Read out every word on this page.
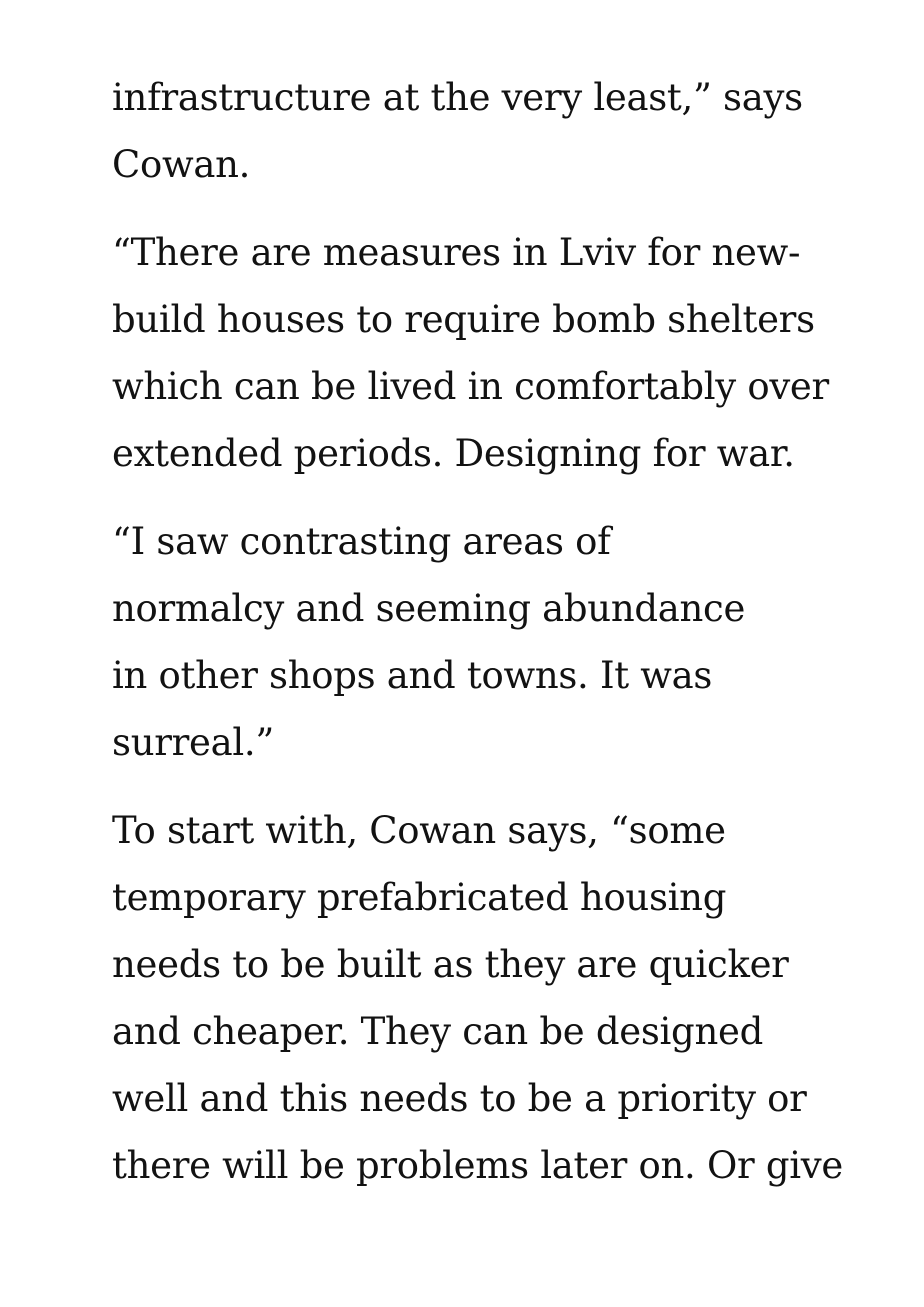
infrastructure at the very least,” says
Cowan.

“There are measures in Lviv for new-
build houses to require bomb shelters
which can be lived in comfortably over
extended periods. Designing for war.

“I saw contrasting areas of
normalcy and seeming abundance
in other shops and towns. It was
surreal.”

To start with, Cowan says, “some
temporary prefabricated housing
needs to be built as they are quicker
and cheaper. They can be designed
well and this needs to be a priority or
there will be problems later on. Or give
